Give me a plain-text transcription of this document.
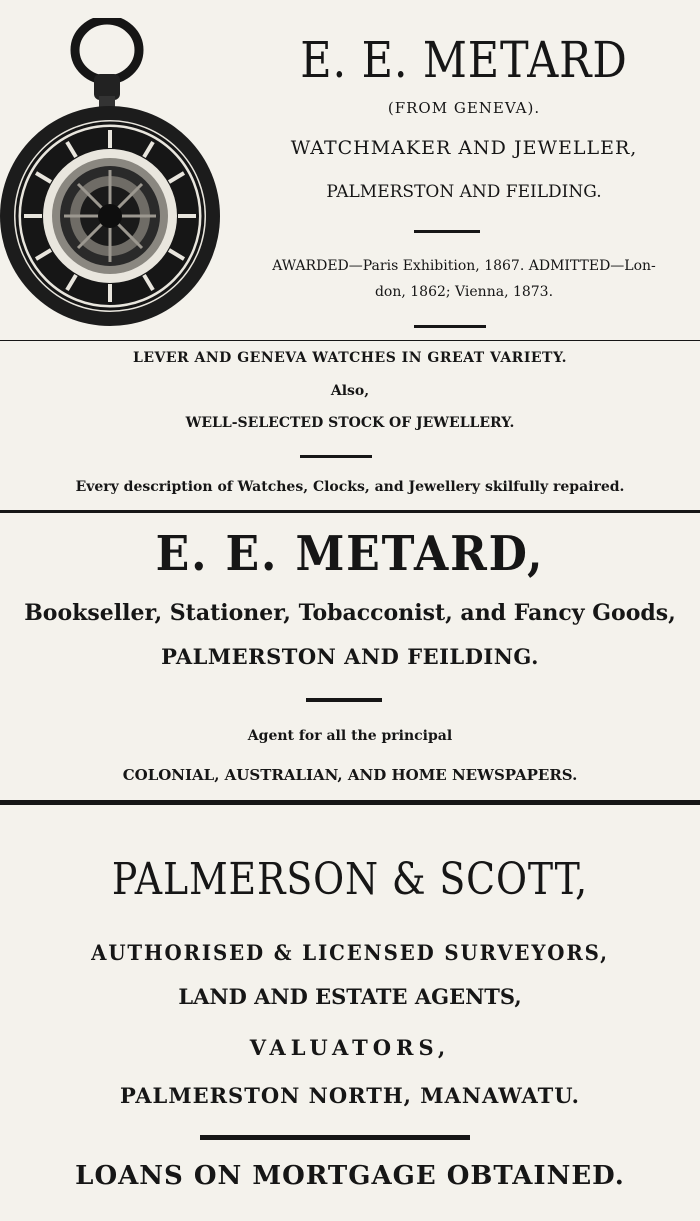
E. E. METARD
(FROM GENEVA).
WATCHMAKER AND JEWELLER,
PALMERSTON AND FEILDING.
AWARDED—Paris Exhibition, 1867. ADMITTED—Lon-
don, 1862; Vienna, 1873.
LEVER AND GENEVA WATCHES IN GREAT VARIETY.
Also,
WELL-SELECTED STOCK OF JEWELLERY.
Every description of Watches, Clocks, and Jewellery skilfully repaired.
E. E. METARD,
Bookseller, Stationer, Tobacconist, and Fancy Goods,
PALMERSTON AND FEILDING.
Agent for all the principal
COLONIAL, AUSTRALIAN, AND HOME NEWSPAPERS.
PALMERSON & SCOTT,
AUTHORISED & LICENSED SURVEYORS,
LAND AND ESTATE AGENTS,
VALUATORS,
PALMERSTON NORTH, MANAWATU.
LOANS ON MORTGAGE OBTAINED.
